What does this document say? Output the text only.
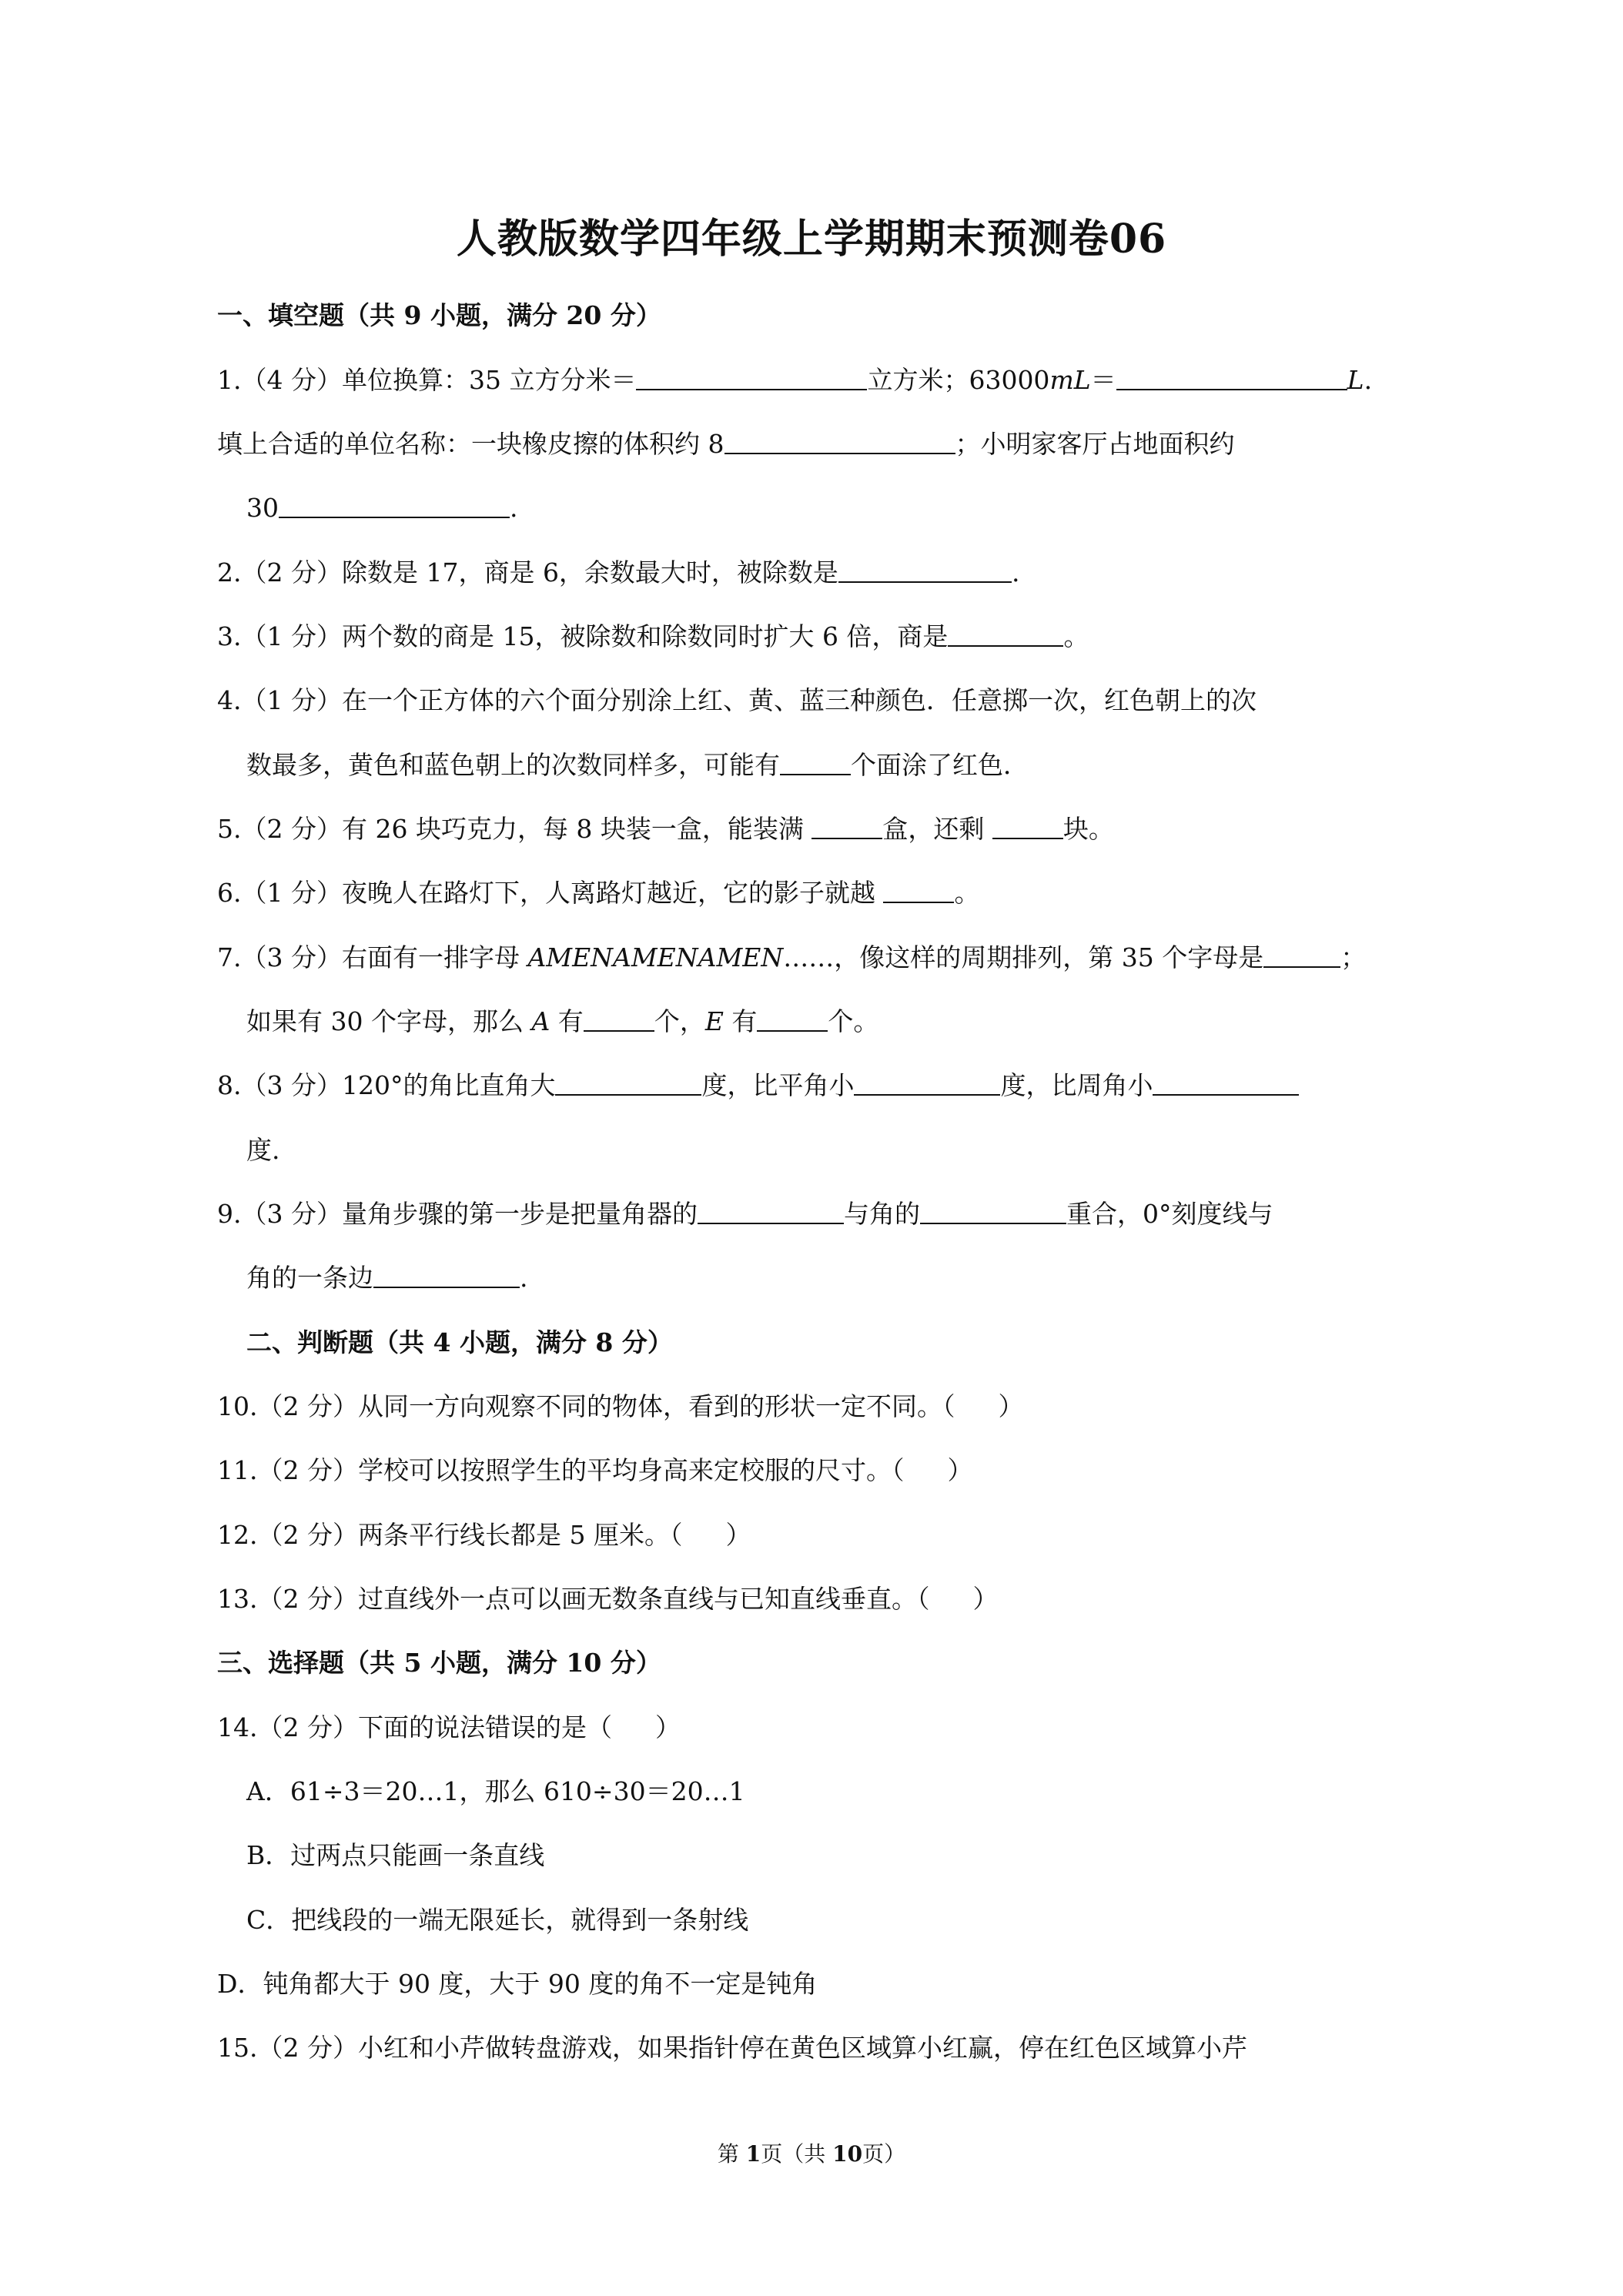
人教版数学四年级上学期期末预测卷06
一、填空题（共 9 小题，满分 20 分）
1.（4 分）单位换算：35 立方分米＝	立方米；63000mL＝	L.
填上合适的单位名称：一块橡皮擦的体积约 8	；小明家客厅占地面积约
30	.
2.（2 分）除数是 17，商是 6，余数最大时，被除数是	.
3.（1 分）两个数的商是 15，被除数和除数同时扩大 6 倍，商是	。
4.（1 分）在一个正方体的六个面分别涂上红、黄、蓝三种颜色．任意掷一次，红色朝上的次
数最多，黄色和蓝色朝上的次数同样多，可能有	个面涂了红色．
5.（2 分）有 26 块巧克力，每 8 块装一盒，能装满	盒，还剩	块。
6.（1 分）夜晚人在路灯下，人离路灯越近，它的影子就越	。
7.（3 分）右面有一排字母 AMENAMENAMEN……，像这样的周期排列，第 35 个字母是	；
如果有 30 个字母，那么 A 有	个，E 有	个。
8.（3 分）120°的角比直角大	度，比平角小	度，比周角小
度.
9.（3 分）量角步骤的第一步是把量角器的	与角的	重合，0°刻度线与
角的一条边	.
二、判断题（共 4 小题，满分 8 分）
10.（2 分）从同一方向观察不同的物体，看到的形状一定不同。（ ）
11.（2 分）学校可以按照学生的平均身高来定校服的尺寸。（ ）
12.（2 分）两条平行线长都是 5 厘米。（ ）
13.（2 分）过直线外一点可以画无数条直线与已知直线垂直。（ ）
三、选择题（共 5 小题，满分 10 分）
14.（2 分）下面的说法错误的是（ ）
A．61÷3＝20…1，那么 610÷30＝20…1
B．过两点只能画一条直线
C．把线段的一端无限延长，就得到一条射线
D．钝角都大于 90 度，大于 90 度的角不一定是钝角
15.（2 分）小红和小芹做转盘游戏，如果指针停在黄色区域算小红赢，停在红色区域算小芹
第 1页（共 10页）
